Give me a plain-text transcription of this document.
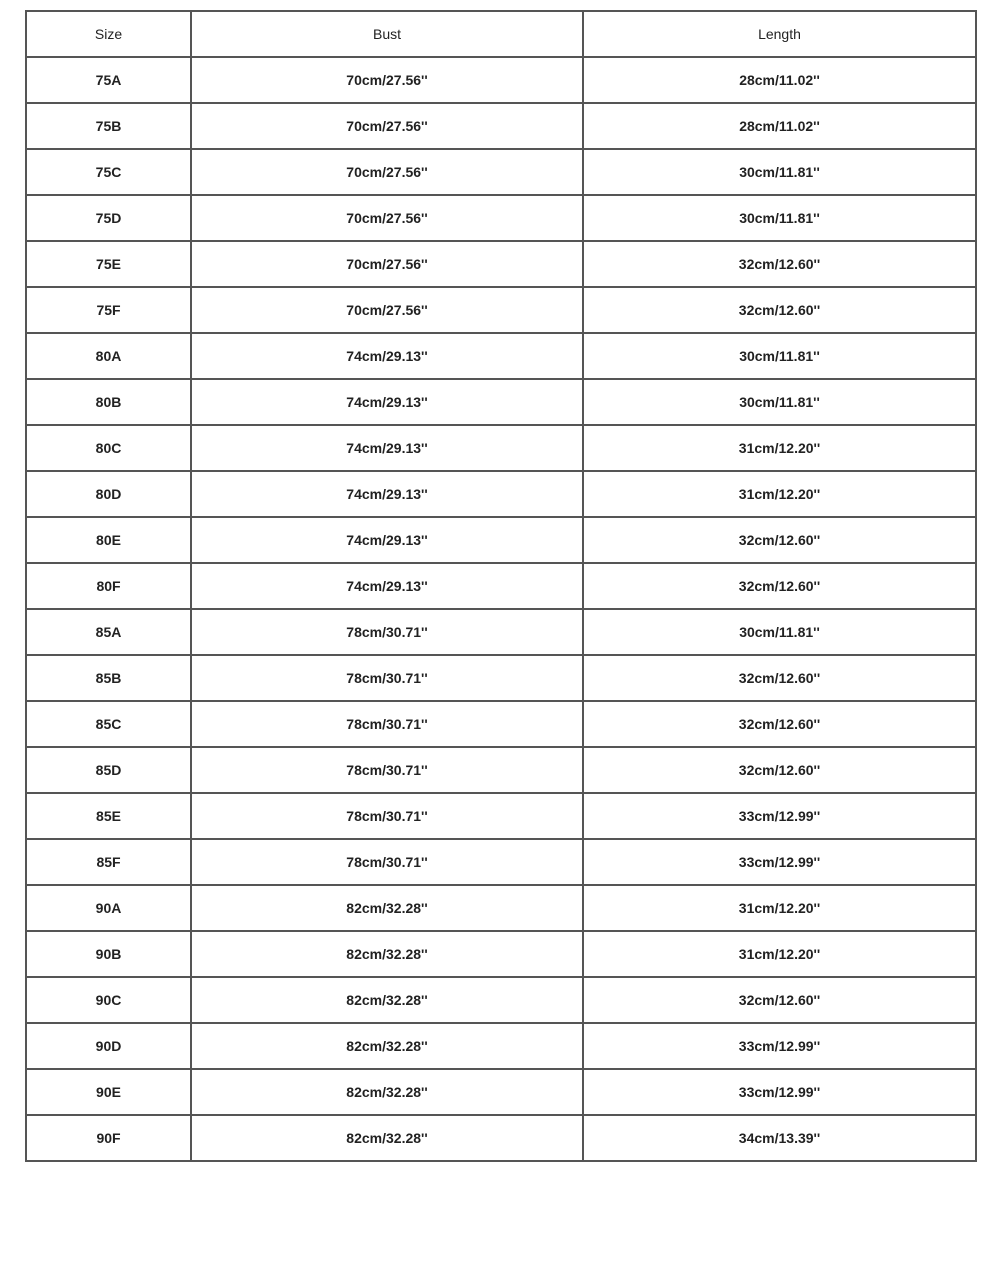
Size	Bust	Length
75A	70cm/27.56''	28cm/11.02''
75B	70cm/27.56''	28cm/11.02''
75C	70cm/27.56''	30cm/11.81''
75D	70cm/27.56''	30cm/11.81''
75E	70cm/27.56''	32cm/12.60''
75F	70cm/27.56''	32cm/12.60''
80A	74cm/29.13''	30cm/11.81''
80B	74cm/29.13''	30cm/11.81''
80C	74cm/29.13''	31cm/12.20''
80D	74cm/29.13''	31cm/12.20''
80E	74cm/29.13''	32cm/12.60''
80F	74cm/29.13''	32cm/12.60''
85A	78cm/30.71''	30cm/11.81''
85B	78cm/30.71''	32cm/12.60''
85C	78cm/30.71''	32cm/12.60''
85D	78cm/30.71''	32cm/12.60''
85E	78cm/30.71''	33cm/12.99''
85F	78cm/30.71''	33cm/12.99''
90A	82cm/32.28''	31cm/12.20''
90B	82cm/32.28''	31cm/12.20''
90C	82cm/32.28''	32cm/12.60''
90D	82cm/32.28''	33cm/12.99''
90E	82cm/32.28''	33cm/12.99''
90F	82cm/32.28''	34cm/13.39''
